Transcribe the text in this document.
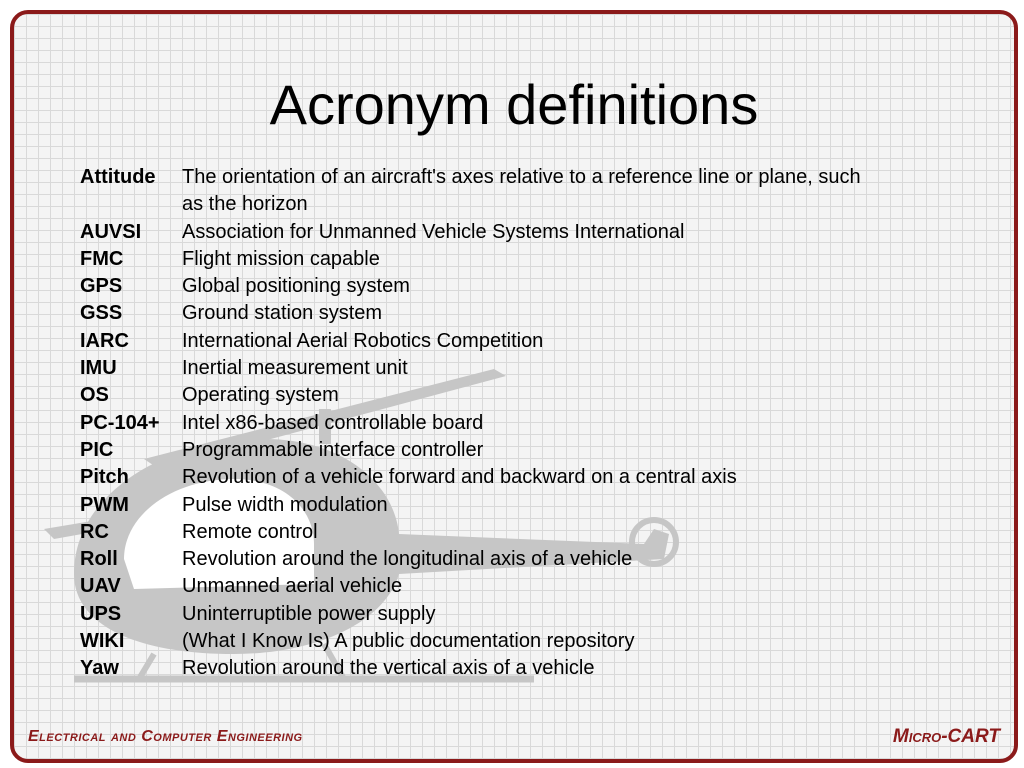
Acronym definitions
Attitude	The orientation of an aircraft's axes relative to a reference line or plane, such
as the horizon
AUVSI	Association for Unmanned Vehicle Systems International
FMC	Flight mission capable
GPS	Global positioning system
GSS	Ground station system
IARC	International Aerial Robotics Competition
IMU	Inertial measurement unit
OS	Operating system
PC-104+	Intel x86-based controllable board
PIC	Programmable interface controller
Pitch	Revolution of a vehicle forward and backward on a central axis
PWM	Pulse width modulation
RC	Remote control
Roll	Revolution around the longitudinal axis of a vehicle
UAV	Unmanned aerial vehicle
UPS	Uninterruptible power supply
WIKI	(What I Know Is) A public documentation repository
Yaw	Revolution around the vertical axis of a vehicle
Electrical and Computer Engineering	Micro-CART
